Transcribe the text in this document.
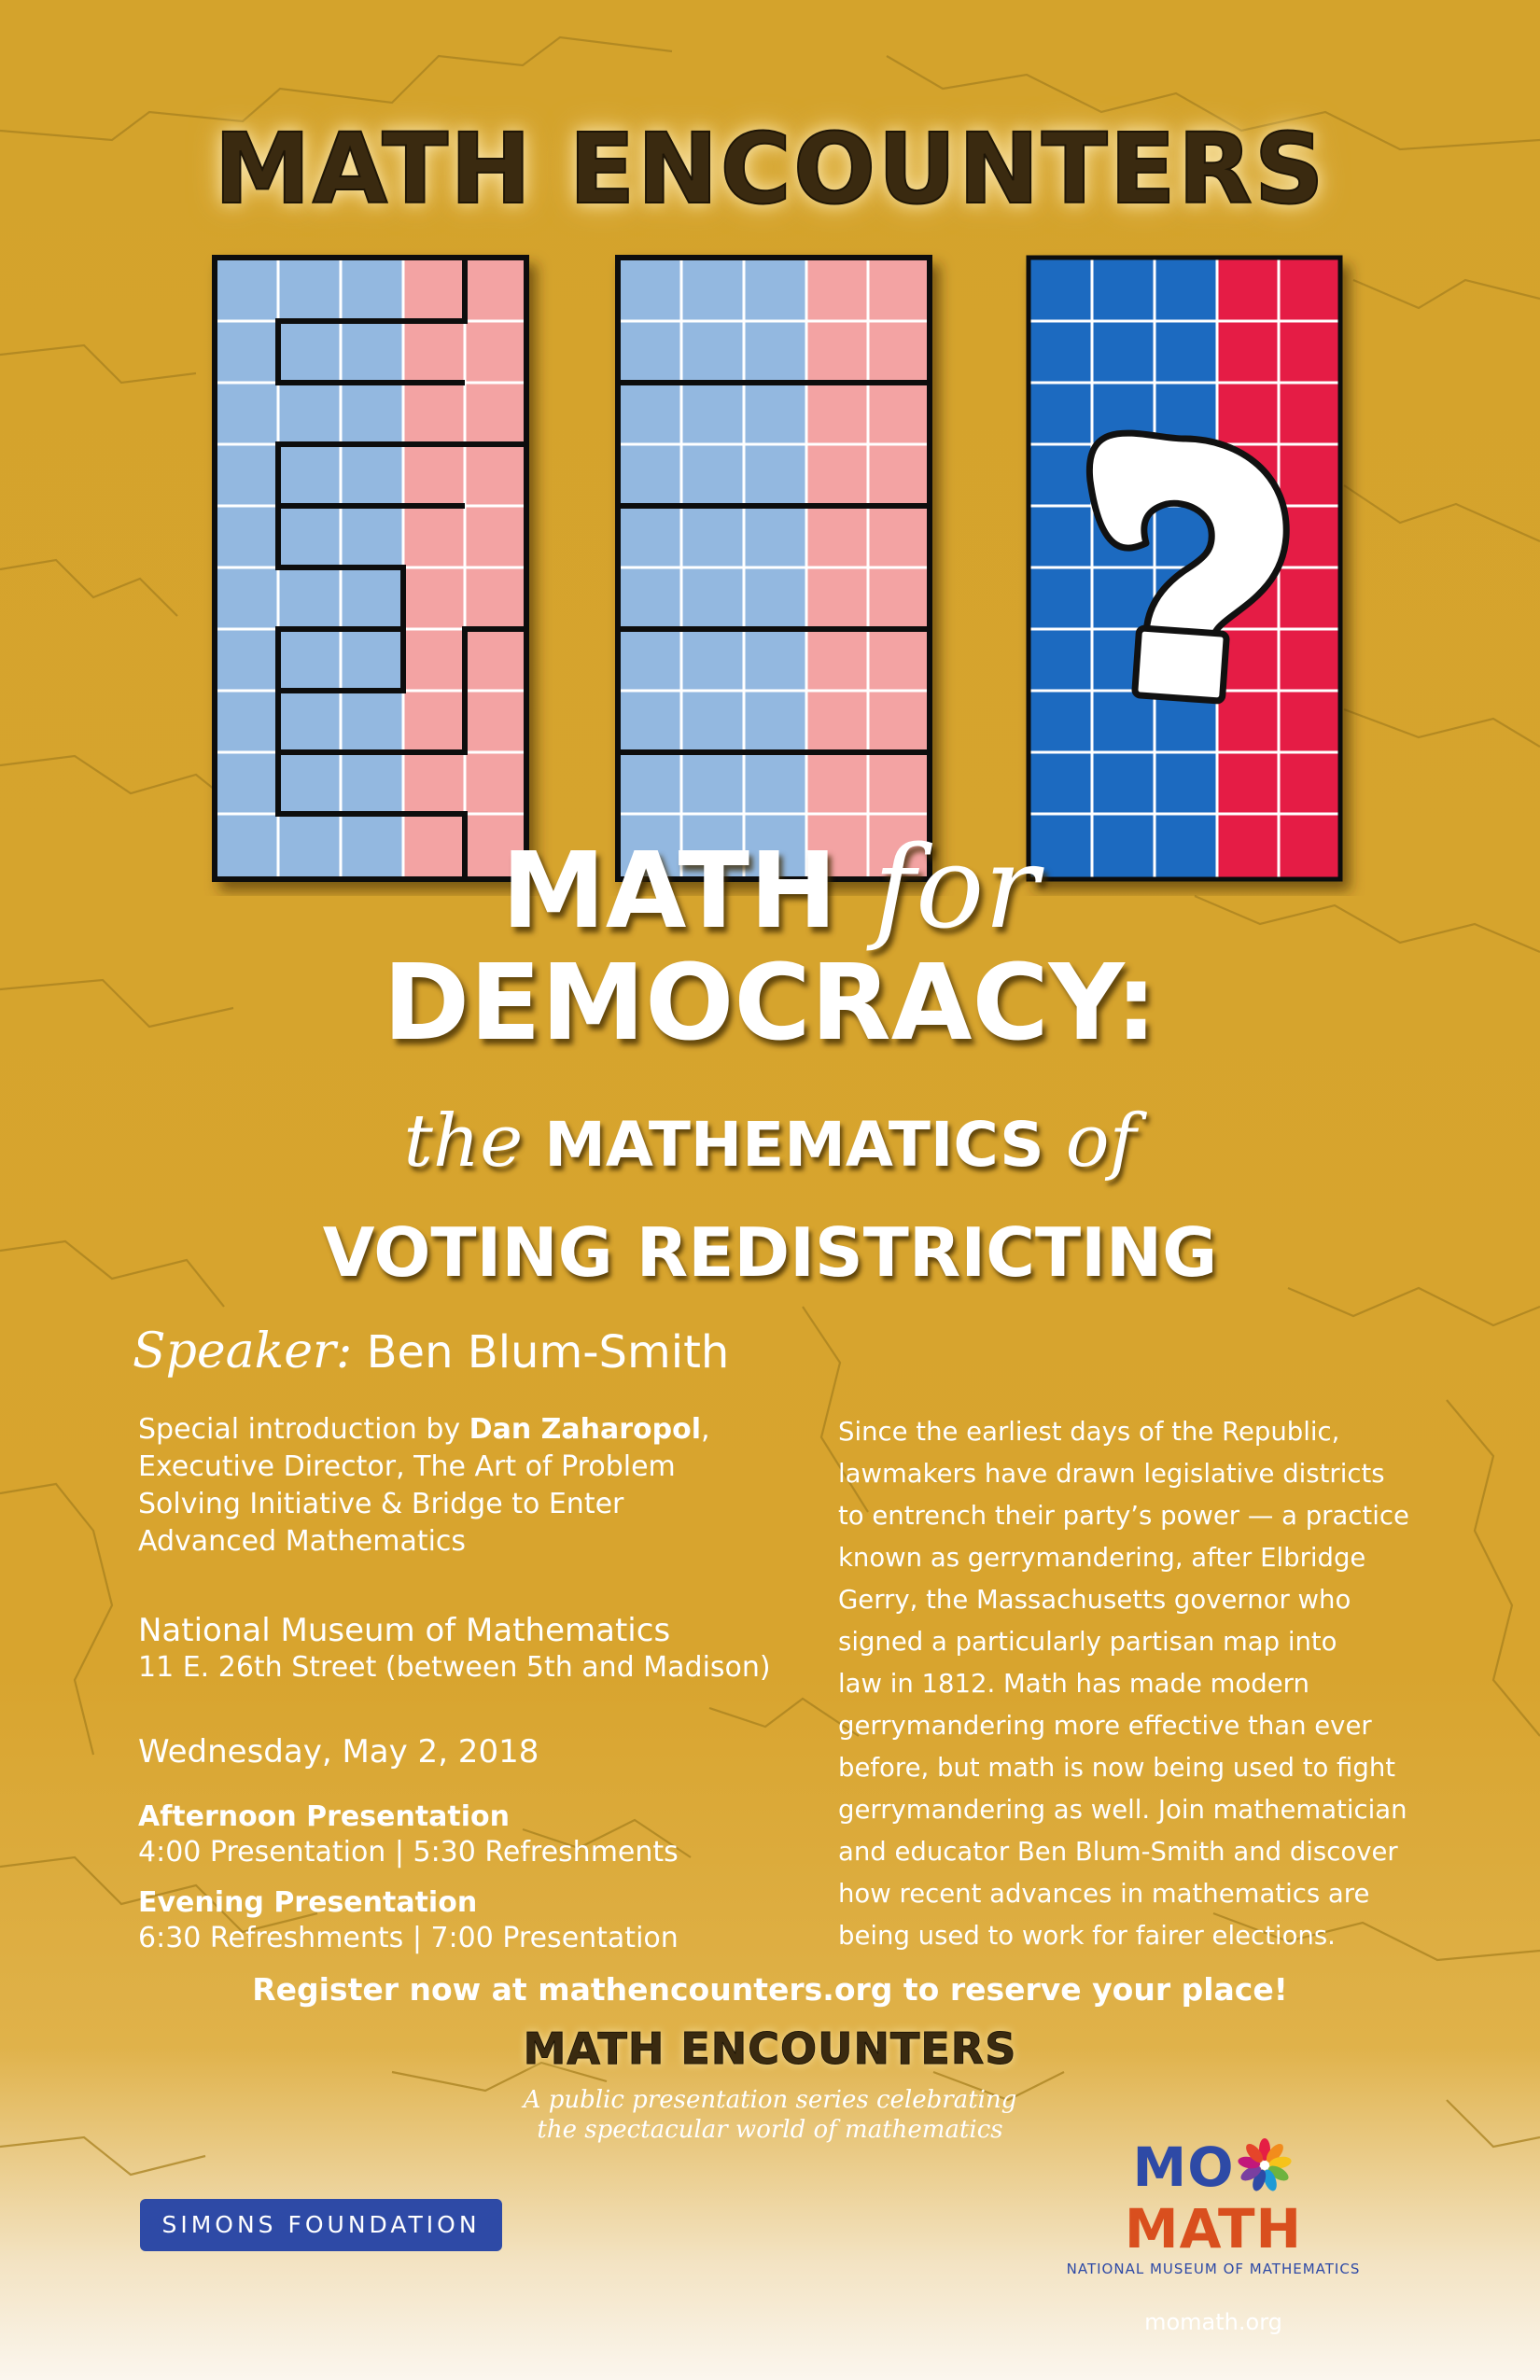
MATH ENCOUNTERS
MATH for
DEMOCRACY:
the MATHEMATICS of
VOTING REDISTRICTING
Speaker: Ben Blum-Smith

Special introduction by Dan Zaharopol,

Executive Director, The Art of Problem

Solving Initiative & Bridge to Enter

Advanced Mathematics

National Museum of Mathematics

11 E. 26th Street (between 5th and Madison)

Wednesday, May 2, 2018

Afternoon Presentation

4:00 Presentation | 5:30 Refreshments

Evening Presentation

6:30 Refreshments | 7:00 Presentation

Since the earliest days of the Republic,
lawmakers have drawn legislative districts
to entrench their party’s power — a practice
known as gerrymandering, after Elbridge
Gerry, the Massachusetts governor who
signed a particularly partisan map into
law in 1812. Math has made modern
gerrymandering more effective than ever
before, but math is now being used to fight
gerrymandering as well. Join mathematician
and educator Ben Blum-Smith and discover
how recent advances in mathematics are
being used to work for fairer elections.

Register now at mathencounters.org to reserve your place!

MATH ENCOUNTERS
A public presentation series celebrating
the spectacular world of mathematics
SIMONS FOUNDATION
MOMATH
NATIONAL MUSEUM OF MATHEMATICS
momath.org
